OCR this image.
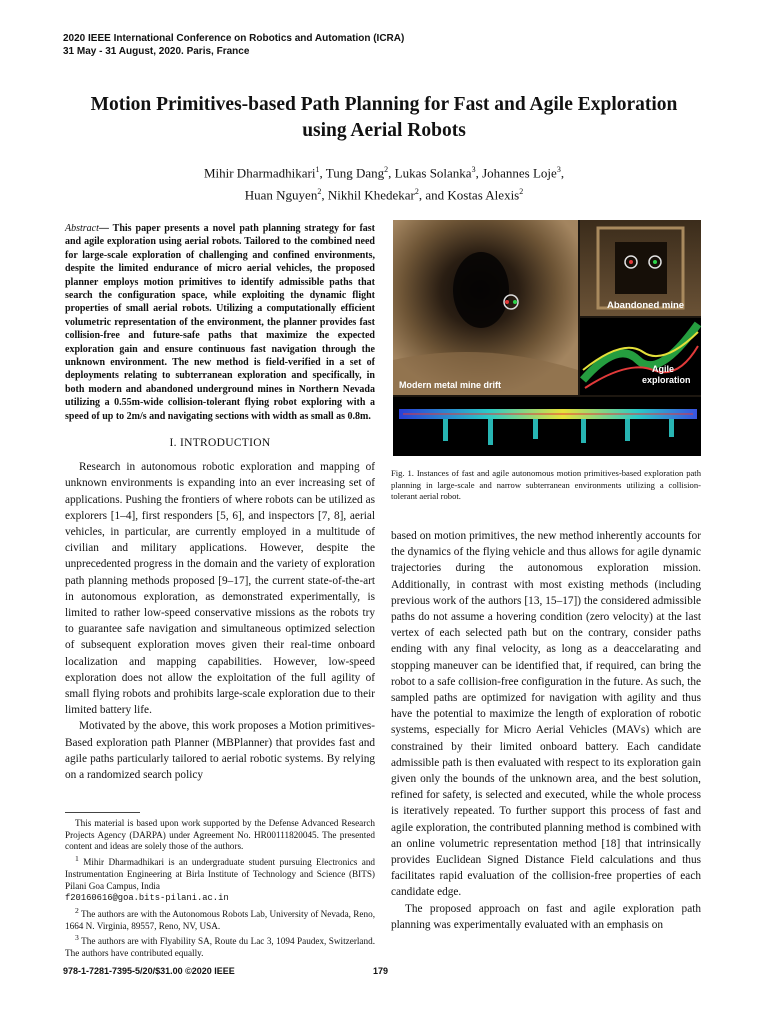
2020 IEEE International Conference on Robotics and Automation (ICRA)
31 May - 31 August, 2020. Paris, France
Motion Primitives-based Path Planning for Fast and Agile Exploration
using Aerial Robots
Mihir Dharmadhikari$^1$, Tung Dang$^2$, Lukas Solanka$^3$, Johannes Loje$^3$,
Huan Nguyen$^2$, Nikhil Khedekar$^2$, and Kostas Alexis$^2$
Abstract— This paper presents a novel path planning strategy for fast and agile exploration using aerial robots. Tailored to the combined need for large-scale exploration of challenging and confined environments, despite the limited endurance of micro aerial vehicles, the proposed planner employs motion primitives to identify admissible paths that search the configuration space, while exploiting the dynamic flight properties of small aerial robots. Utilizing a computationally efficient volumetric representation of the environment, the planner provides fast collision-free and future-safe paths that maximize the expected exploration gain and ensure continuous fast navigation through the unknown environment. The new method is field-verified in a set of deployments relating to subterranean exploration and specifically, in both modern and abandoned underground mines in Northern Nevada utilizing a 0.55m-wide collision-tolerant flying robot exploring with a speed of up to 2m/s and navigating sections with width as small as 0.8m.
I. INTRODUCTION

Research in autonomous robotic exploration and mapping of unknown environments is expanding into an ever increasing set of applications. Pushing the frontiers of where robots can be utilized as explorers [1–4], first responders [5, 6], and inspectors [7, 8], aerial vehicles, in particular, are currently employed in a multitude of civilian and military applications. However, despite the unprecedented progress in the domain and the variety of exploration path planning methods proposed [9–17], the current state-of-the-art in autonomous exploration, as demonstrated experimentally, is limited to rather low-speed conservative missions as the robots try to guarantee safe navigation and simultaneous optimized selection of subsequent exploration moves given their real-time onboard localization and mapping capabilities. However, low-speed exploration does not allow the exploitation of the full agility of small flying robots and prohibits large-scale exploration due to their limited battery life.

Motivated by the above, this work proposes a Motion primitives-Based exploration path Planner (MBPlanner) that provides fast and agile paths particularly tailored to aerial robotic systems. By relying on a randomized search policy

This material is based upon work supported by the Defense Advanced Research Projects Agency (DARPA) under Agreement No. HR00111820045. The presented content and ideas are solely those of the authors.

$^1$ Mihir Dharmadhikari is an undergraduate student pursuing Electronics and Instrumentation Engineering at Birla Institute of Technology and Science (BITS) Pilani Goa Campus, India
f20160616@goa.bits-pilani.ac.in

$^2$ The authors are with the Autonomous Robots Lab, University of Nevada, Reno, 1664 N. Virginia, 89557, Reno, NV, USA.

$^3$ The authors are with Flyability SA, Route du Lac 3, 1094 Paudex, Switzerland. The authors have contributed equally.

Abandoned mine
Agile
exploration
Modern metal mine drift
Fig. 1. Instances of fast and agile autonomous motion primitives-based exploration path planning in large-scale and narrow subterranean environments utilizing a collision-tolerant aerial robot.

based on motion primitives, the new method inherently accounts for the dynamics of the flying vehicle and thus allows for agile dynamic trajectories during the autonomous exploration mission. Additionally, in contrast with most existing methods (including previous work of the authors [13, 15–17]) the considered admissible paths do not assume a hovering condition (zero velocity) at the last vertex of each selected path but on the contrary, consider paths ending with any final velocity, as long as a deaccelarating and stopping maneuver can be identified that, if required, can bring the robot to a safe collision-free configuration in the future. As such, the sampled paths are optimized for navigation with agility and thus have the potential to maximize the length of exploration of robotic systems, especially for Micro Aerial Vehicles (MAVs) which are constrained by their limited onboard battery. Each candidate admissible path is then evaluated with respect to its exploration gain given only the bounds of the unknown area, and the best solution, refined for safety, is selected and executed, while the whole process is iteratively repeated. To further support this process of fast and agile exploration, the contributed planning method is combined with an online volumetric representation method [18] that intrinsically provides Euclidean Signed Distance Field calculations and thus facilitates rapid evaluation of the collision-free properties of each candidate edge.

The proposed approach on fast and agile exploration path planning was experimentally evaluated with an emphasis on

978-1-7281-7395-5/20/$31.00 ©2020 IEEE	179
